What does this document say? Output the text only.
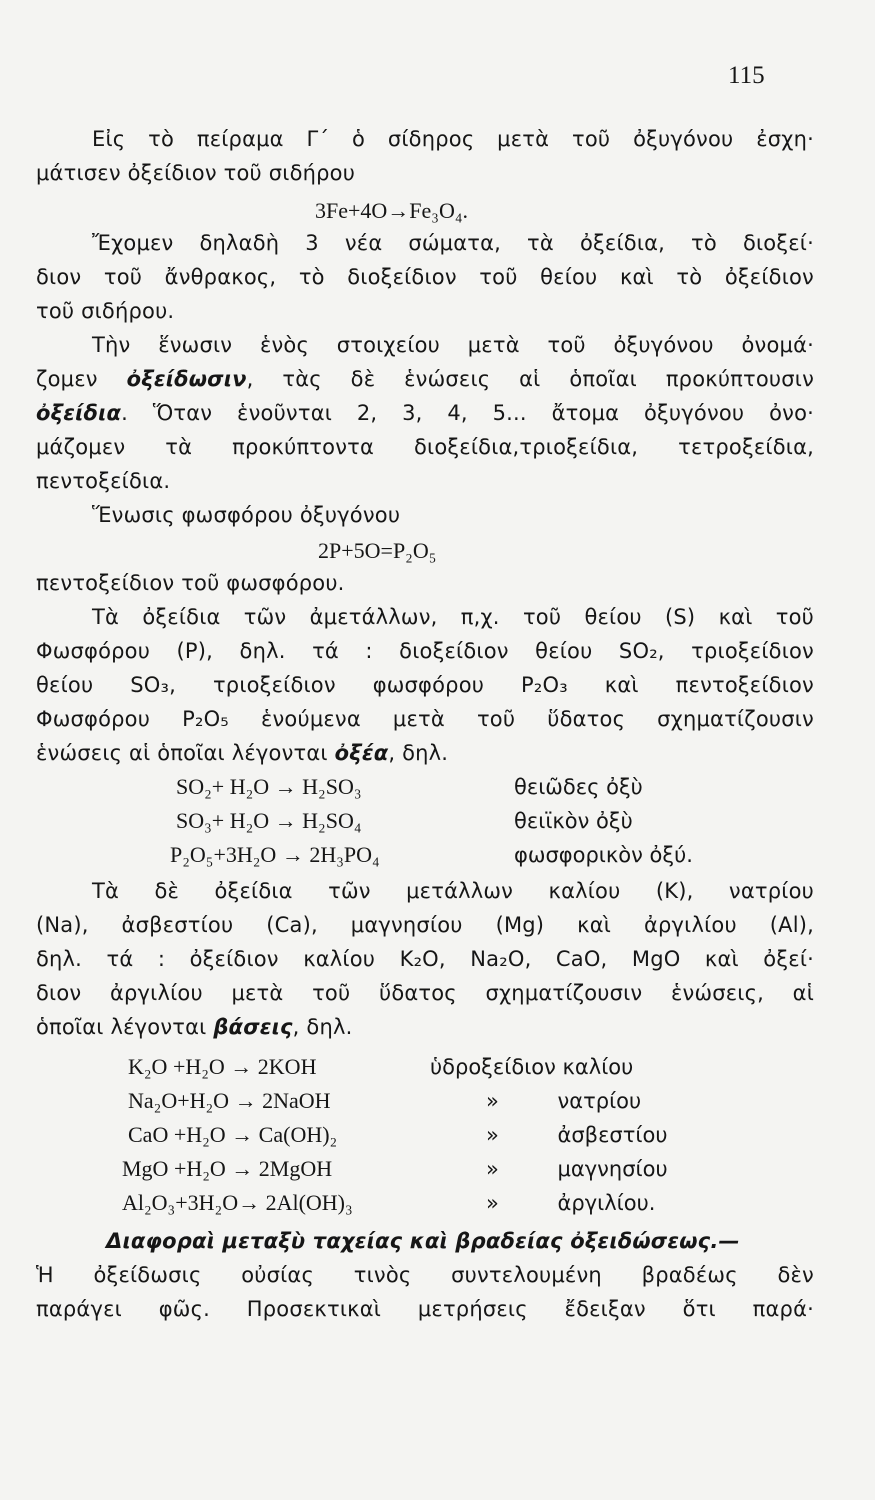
115
Εἰς τὸ πείραμα Γ΄ ὁ σίδηρος μετὰ τοῦ ὀξυγόνου ἐσχη·
μάτισεν ὀξείδιον τοῦ σιδήρου
3Fe+4O→Fe₃O₄.
Ἔχομεν δηλαδὴ 3 νέα σώματα, τὰ ὀξείδια, τὸ διοξεί·
διον τοῦ ἄνθρακος, τὸ διοξείδιον τοῦ θείου καὶ τὸ ὀξείδιον
τοῦ σιδήρου.
Τὴν ἕνωσιν ἑνὸς στοιχείου μετὰ τοῦ ὀξυγόνου ὀνομά·
ζομεν ὀξείδωσιν, τὰς δὲ ἑνώσεις αἱ ὁποῖαι προκύπτουσιν
ὀξείδια. Ὅταν ἑνοῦνται 2, 3, 4, 5... ἄτομα ὀξυγόνου ὀνο·
μάζομεν τὰ προκύπτοντα διοξείδια,τριοξείδια, τετροξείδια,
πεντοξείδια.
Ἕνωσις φωσφόρου ὀξυγόνου
2P+5O=P₂O₅
πεντοξείδιον τοῦ φωσφόρου.
Τὰ ὀξείδια τῶν ἀμετάλλων, π,χ. τοῦ θείου (S) καὶ τοῦ
Φωσφόρου (P), δηλ. τά : διοξείδιον θείου SO₂, τριοξείδιον
θείου SO₃, τριοξείδιον φωσφόρου P₂O₃ καὶ πεντοξείδιον
Φωσφόρου P₂O₅ ἑνούμενα μετὰ τοῦ ὕδατος σχηματίζουσιν
ἑνώσεις αἱ ὁποῖαι λέγονται ὀξέα, δηλ.
SO₂+ H₂O → H₂SO₃	θειῶδες ὀξὺ
SO₃+ H₂O → H₂SO₄	θειϊκὸν ὀξὺ
P₂O₅+3H₂O → 2H₃PO₄	φωσφορικὸν ὀξύ.
Τὰ δὲ ὀξείδια τῶν μετάλλων καλίου (K), νατρίου
(Na), ἀσβεστίου (Ca), μαγνησίου (Mg) καὶ ἀργιλίου (Al),
δηλ. τά : ὀξείδιον καλίου K₂O, Na₂O, CaO, MgO καὶ ὀξεί·
διον ἀργιλίου μετὰ τοῦ ὕδατος σχηματίζουσιν ἑνώσεις, αἱ
ὁποῖαι λέγονται βάσεις, δηλ.
K₂O +H₂O → 2KOH	ὑδροξείδιον καλίου
Na₂O+H₂O → 2NaOH	» νατρίου
CaO +H₂O → Ca(OH)₂	» ἀσβεστίου
MgO +H₂O → 2MgOH	» μαγνησίου
Al₂O₃+3H₂O→ 2Al(OH)₃	» ἀργιλίου.
Διαφοραὶ μεταξὺ ταχείας καὶ βραδείας ὀξειδώσεως.—
Ἡ ὀξείδωσις οὐσίας τινὸς συντελουμένη βραδέως δὲν
παράγει φῶς. Προσεκτικαὶ μετρήσεις ἔδειξαν ὅτι παρά·
